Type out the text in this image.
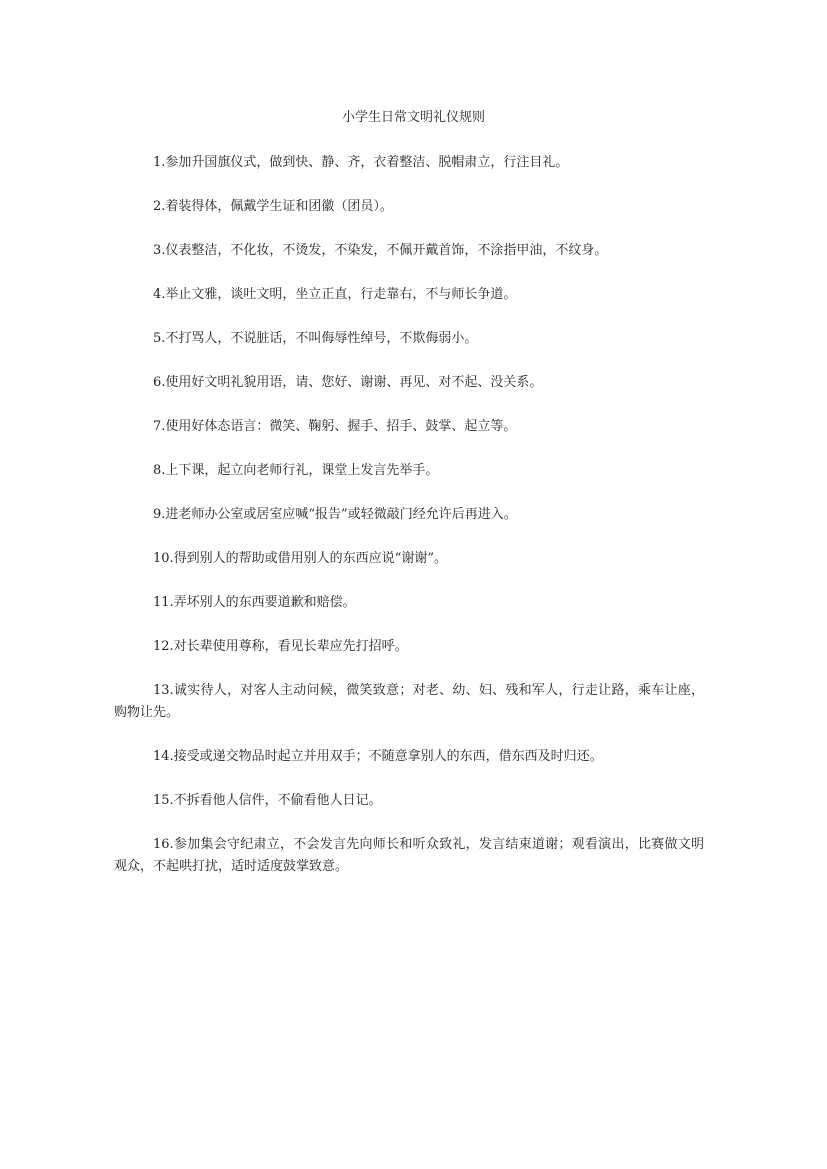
小学生日常文明礼仪规则
1.参加升国旗仪式，做到快、静、齐，衣着整洁、脱帽肃立，行注目礼。
2.着装得体，佩戴学生证和团徽（团员）。
3.仪表整洁，不化妆，不烫发，不染发，不佩开戴首饰，不涂指甲油，不纹身。
4.举止文雅，谈吐文明，坐立正直，行走靠右，不与师长争道。
5.不打骂人，不说脏话，不叫侮辱性绰号，不欺侮弱小。
6.使用好文明礼貌用语，请、您好、谢谢、再见、对不起、没关系。
7.使用好体态语言：微笑、鞠躬、握手、招手、鼓掌、起立等。
8.上下课，起立向老师行礼，课堂上发言先举手。
9.进老师办公室或居室应喊“报告”或轻微敲门经允许后再进入。
10.得到别人的帮助或借用别人的东西应说“谢谢”。
11.弄坏别人的东西要道歉和赔偿。
12.对长辈使用尊称，看见长辈应先打招呼。
13.诚实待人，对客人主动问候，微笑致意；对老、幼、妇、残和军人，行走让路，乘车让座，购物让先。
14.接受或递交物品时起立并用双手；不随意拿别人的东西，借东西及时归还。
15.不拆看他人信件，不偷看他人日记。
16.参加集会守纪肃立，不会发言先向师长和听众致礼，发言结束道谢；观看演出，比赛做文明观众，不起哄打扰，适时适度鼓掌致意。
